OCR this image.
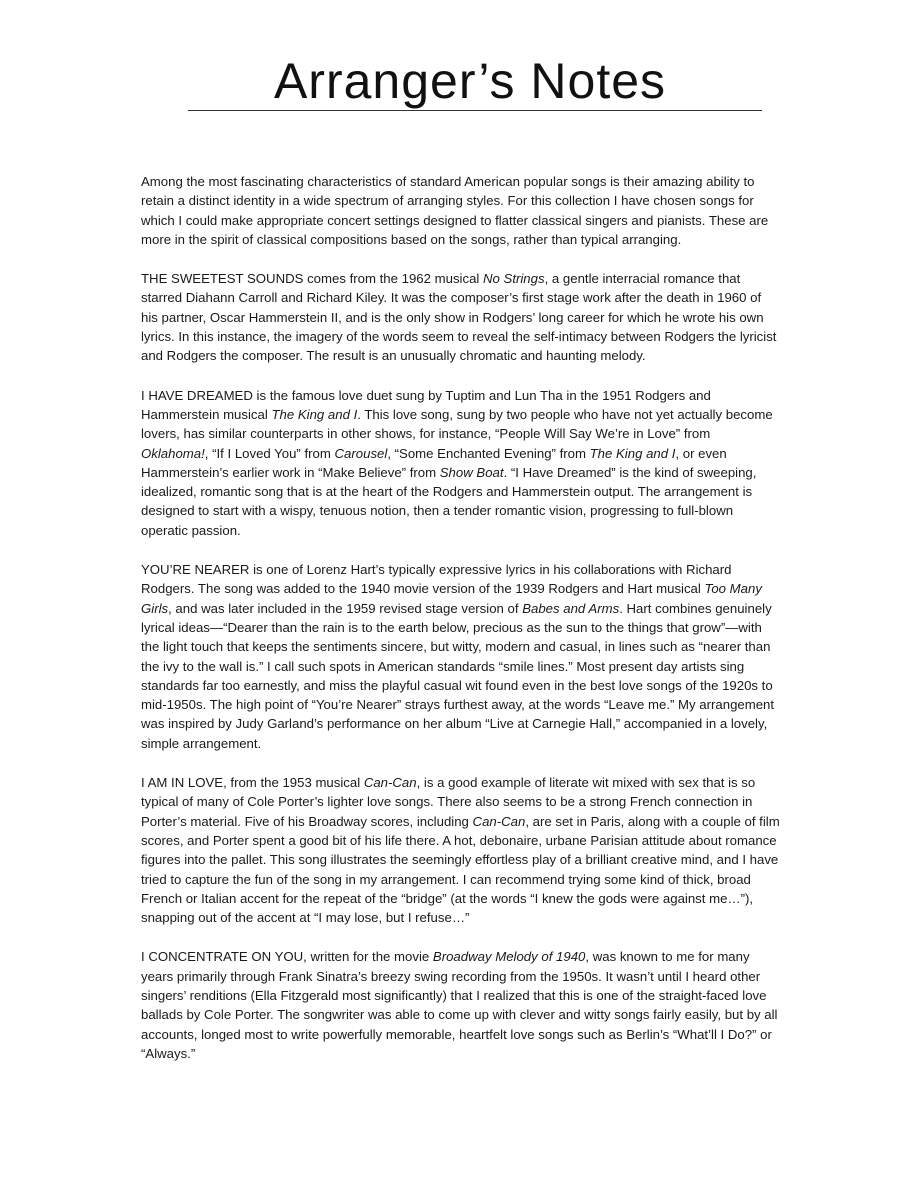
Arranger’s Notes

Among the most fascinating characteristics of standard American popular songs is their amazing ability to retain a distinct identity in a wide spectrum of arranging styles. For this collection I have chosen songs for which I could make appropriate concert settings designed to flatter classical singers and pianists. These are more in the spirit of classical compositions based on the songs, rather than typical arranging.

THE SWEETEST SOUNDS comes from the 1962 musical No Strings, a gentle interracial romance that starred Diahann Carroll and Richard Kiley. It was the composer’s first stage work after the death in 1960 of his partner, Oscar Hammerstein II, and is the only show in Rodgers’ long career for which he wrote his own lyrics. In this instance, the imagery of the words seem to reveal the self-intimacy between Rodgers the lyricist and Rodgers the composer. The result is an unusually chromatic and haunting melody.

I HAVE DREAMED is the famous love duet sung by Tuptim and Lun Tha in the 1951 Rodgers and Hammerstein musical The King and I. This love song, sung by two people who have not yet actually become lovers, has similar counterparts in other shows, for instance, “People Will Say We’re in Love” from Oklahoma!, “If I Loved You” from Carousel, “Some Enchanted Evening” from The King and I, or even Hammerstein’s earlier work in “Make Believe” from Show Boat. “I Have Dreamed” is the kind of sweeping, idealized, romantic song that is at the heart of the Rodgers and Hammerstein output. The arrangement is designed to start with a wispy, tenuous notion, then a tender romantic vision, progressing to full-blown operatic passion.

YOU’RE NEARER is one of Lorenz Hart’s typically expressive lyrics in his collaborations with Richard Rodgers. The song was added to the 1940 movie version of the 1939 Rodgers and Hart musical Too Many Girls, and was later included in the 1959 revised stage version of Babes and Arms. Hart combines genuinely lyrical ideas—“Dearer than the rain is to the earth below, precious as the sun to the things that grow”—with the light touch that keeps the sentiments sincere, but witty, modern and casual, in lines such as “nearer than the ivy to the wall is.” I call such spots in American standards “smile lines.” Most present day artists sing standards far too earnestly, and miss the playful casual wit found even in the best love songs of the 1920s to mid-1950s. The high point of “You’re Nearer” strays furthest away, at the words “Leave me.” My arrangement was inspired by Judy Garland’s performance on her album “Live at Carnegie Hall,” accompanied in a lovely, simple arrangement.

I AM IN LOVE, from the 1953 musical Can-Can, is a good example of literate wit mixed with sex that is so typical of many of Cole Porter’s lighter love songs. There also seems to be a strong French connection in Porter’s material. Five of his Broadway scores, including Can-Can, are set in Paris, along with a couple of film scores, and Porter spent a good bit of his life there. A hot, debonaire, urbane Parisian attitude about romance figures into the pallet. This song illustrates the seemingly effortless play of a brilliant creative mind, and I have tried to capture the fun of the song in my arrangement. I can recommend trying some kind of thick, broad French or Italian accent for the repeat of the “bridge” (at the words “I knew the gods were against me…”), snapping out of the accent at “I may lose, but I refuse…”

I CONCENTRATE ON YOU, written for the movie Broadway Melody of 1940, was known to me for many years primarily through Frank Sinatra’s breezy swing recording from the 1950s. It wasn’t until I heard other singers’ renditions (Ella Fitzgerald most significantly) that I realized that this is one of the straight-faced love ballads by Cole Porter. The songwriter was able to come up with clever and witty songs fairly easily, but by all accounts, longed most to write powerfully memorable, heartfelt love songs such as Berlin’s “What’ll I Do?” or “Always.”
